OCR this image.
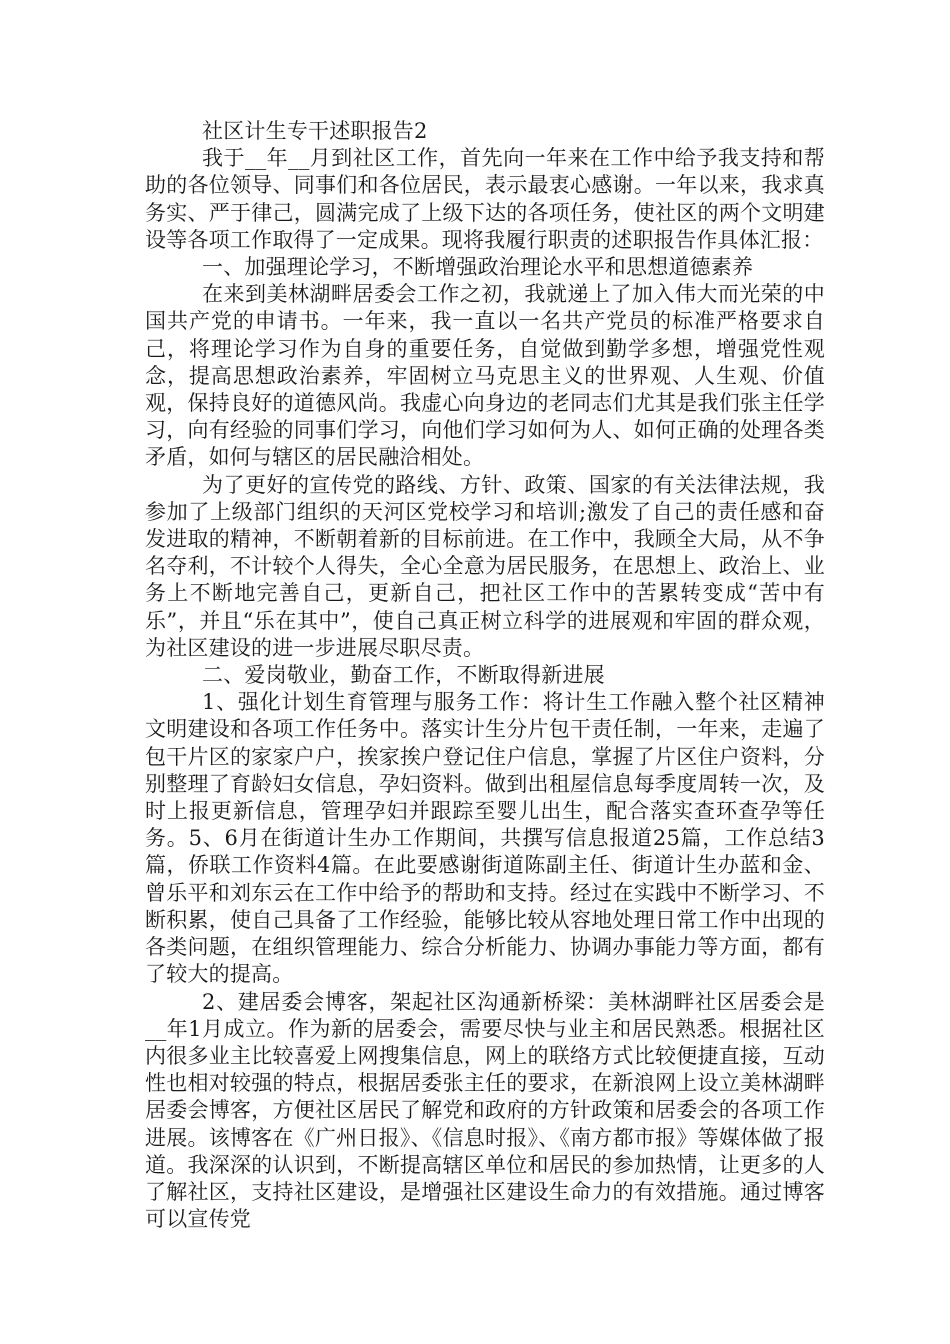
社区计生专干述职报告2

我于__年__月到社区工作，首先向一年来在工作中给予我支持和帮助的各位领导、同事们和各位居民，表示最衷心感谢。一年以来，我求真务实、严于律己，圆满完成了上级下达的各项任务，使社区的两个文明建设等各项工作取得了一定成果。现将我履行职责的述职报告作具体汇报：

一、加强理论学习，不断增强政治理论水平和思想道德素养

在来到美林湖畔居委会工作之初，我就递上了加入伟大而光荣的中国共产党的申请书。一年来，我一直以一名共产党员的标准严格要求自己，将理论学习作为自身的重要任务，自觉做到勤学多想，增强党性观念，提高思想政治素养，牢固树立马克思主义的世界观、人生观、价值观，保持良好的道德风尚。我虚心向身边的老同志们尤其是我们张主任学习，向有经验的同事们学习，向他们学习如何为人、如何正确的处理各类矛盾，如何与辖区的居民融洽相处。

为了更好的宣传党的路线、方针、政策、国家的有关法律法规，我参加了上级部门组织的天河区党校学习和培训;激发了自己的责任感和奋发进取的精神，不断朝着新的目标前进。在工作中，我顾全大局，从不争名夺利，不计较个人得失，全心全意为居民服务，在思想上、政治上、业务上不断地完善自己，更新自己，把社区工作中的苦累转变成“苦中有乐”，并且“乐在其中”，使自己真正树立科学的进展观和牢固的群众观，为社区建设的进一步进展尽职尽责。

二、爱岗敬业，勤奋工作，不断取得新进展

1、强化计划生育管理与服务工作：将计生工作融入整个社区精神文明建设和各项工作任务中。落实计生分片包干责任制，一年来，走遍了包干片区的家家户户，挨家挨户登记住户信息，掌握了片区住户资料，分别整理了育龄妇女信息，孕妇资料。做到出租屋信息每季度周转一次，及时上报更新信息，管理孕妇并跟踪至婴儿出生，配合落实查环查孕等任务。5、6月在街道计生办工作期间，共撰写信息报道25篇，工作总结3篇，侨联工作资料4篇。在此要感谢街道陈副主任、街道计生办蓝和金、曾乐平和刘东云在工作中给予的帮助和支持。经过在实践中不断学习、不断积累，使自己具备了工作经验，能够比较从容地处理日常工作中出现的各类问题，在组织管理能力、综合分析能力、协调办事能力等方面，都有了较大的提高。

2、建居委会博客，架起社区沟通新桥梁：美林湖畔社区居委会是__年1月成立。作为新的居委会，需要尽快与业主和居民熟悉。根据社区内很多业主比较喜爱上网搜集信息，网上的联络方式比较便捷直接，互动性也相对较强的特点，根据居委张主任的要求，在新浪网上设立美林湖畔居委会博客，方便社区居民了解党和政府的方针政策和居委会的各项工作进展。该博客在《广州日报》、《信息时报》、《南方都市报》等媒体做了报道。我深深的认识到，不断提高辖区单位和居民的参加热情，让更多的人了解社区，支持社区建设，是增强社区建设生命力的有效措施。通过博客可以宣传党
